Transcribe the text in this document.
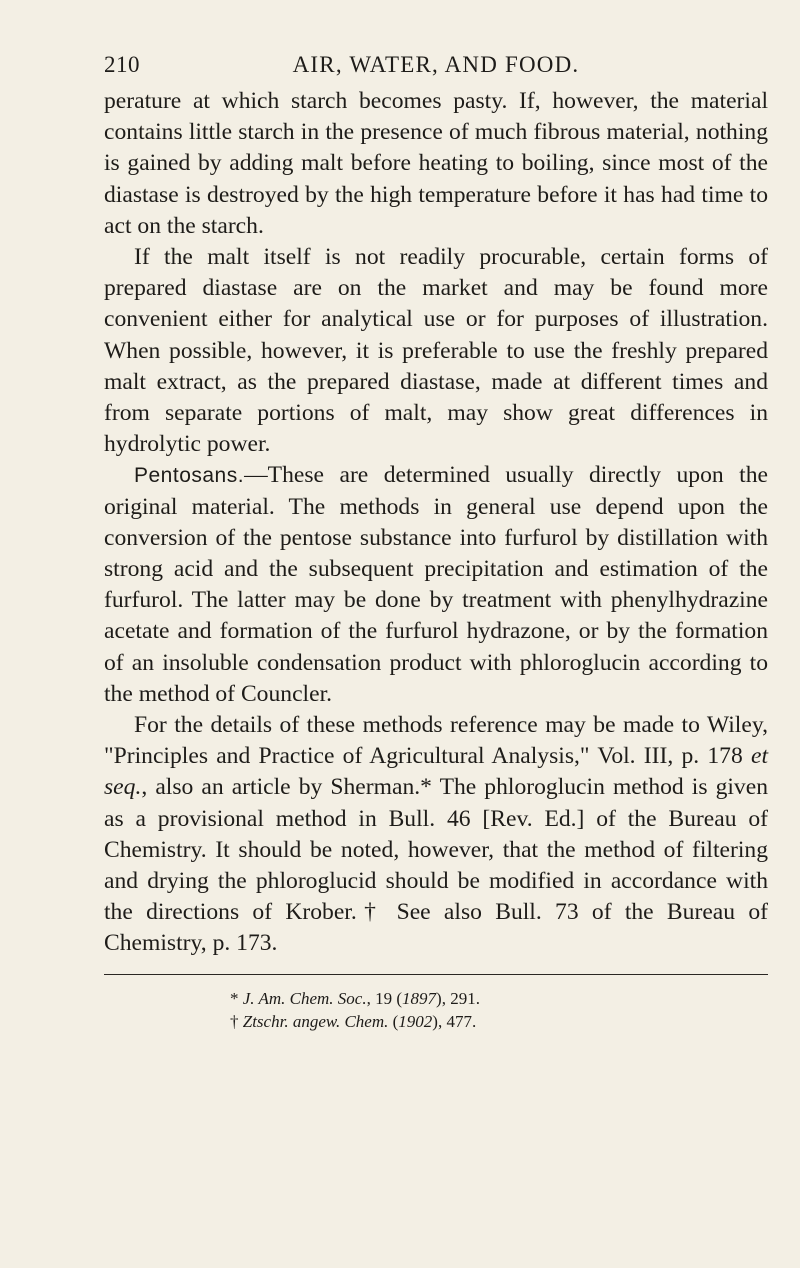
210	AIR, WATER, AND FOOD.

perature at which starch becomes pasty. If, however, the material contains little starch in the presence of much fibrous material, nothing is gained by adding malt before heating to boiling, since most of the diastase is destroyed by the high temperature before it has had time to act on the starch.

If the malt itself is not readily procurable, certain forms of prepared diastase are on the market and may be found more convenient either for analytical use or for purposes of illustration. When possible, however, it is preferable to use the freshly prepared malt extract, as the prepared diastase, made at different times and from separate portions of malt, may show great differences in hydrolytic power.

Pentosans.—These are determined usually directly upon the original material. The methods in general use depend upon the conversion of the pentose substance into furfurol by distillation with strong acid and the subsequent precipitation and estimation of the furfurol. The latter may be done by treatment with phenylhydrazine acetate and formation of the furfurol hydrazone, or by the formation of an insoluble condensation product with phloroglucin according to the method of Councler.

For the details of these methods reference may be made to Wiley, "Principles and Practice of Agricultural Analysis," Vol. III, p. 178 et seq., also an article by Sherman.* The phloroglucin method is given as a provisional method in Bull. 46 [Rev. Ed.] of the Bureau of Chemistry. It should be noted, however, that the method of filtering and drying the phloroglucid should be modified in accordance with the directions of Krober.† See also Bull. 73 of the Bureau of Chemistry, p. 173.

* J. Am. Chem. Soc., 19 (1897), 291.

† Ztschr. angew. Chem. (1902), 477.
